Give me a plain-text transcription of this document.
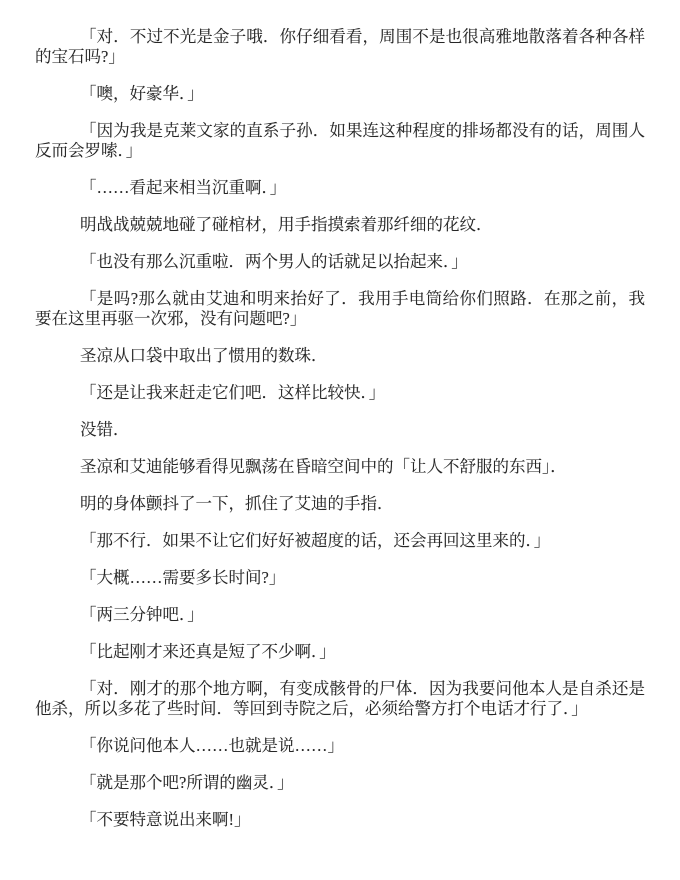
「对．不过不光是金子哦．你仔细看看，周围不是也很高雅地散落着各种各样的宝石吗?」

「噢，好豪华．」

「因为我是克莱文家的直系子孙．如果连这种程度的排场都没有的话，周围人反而会罗嗦．」

「……看起来相当沉重啊．」

明战战兢兢地碰了碰棺材，用手指摸索着那纤细的花纹．

「也没有那么沉重啦．两个男人的话就足以抬起来．」

「是吗?那么就由艾迪和明来抬好了．我用手电筒给你们照路．在那之前，我要在这里再驱一次邪，没有问题吧?」

圣凉从口袋中取出了惯用的数珠．

「还是让我来赶走它们吧．这样比较快．」

没错．

圣凉和艾迪能够看得见飘荡在昏暗空间中的「让人不舒服的东西」．

明的身体颤抖了一下，抓住了艾迪的手指．

「那不行．如果不让它们好好被超度的话，还会再回这里来的．」

「大概……需要多长时间?」

「两三分钟吧．」

「比起刚才来还真是短了不少啊．」

「对．刚才的那个地方啊，有变成骸骨的尸体．因为我要问他本人是自杀还是他杀，所以多花了些时间．等回到寺院之后，必须给警方打个电话才行了．」

「你说问他本人……也就是说……」

「就是那个吧?所谓的幽灵．」

「不要特意说出来啊!」
